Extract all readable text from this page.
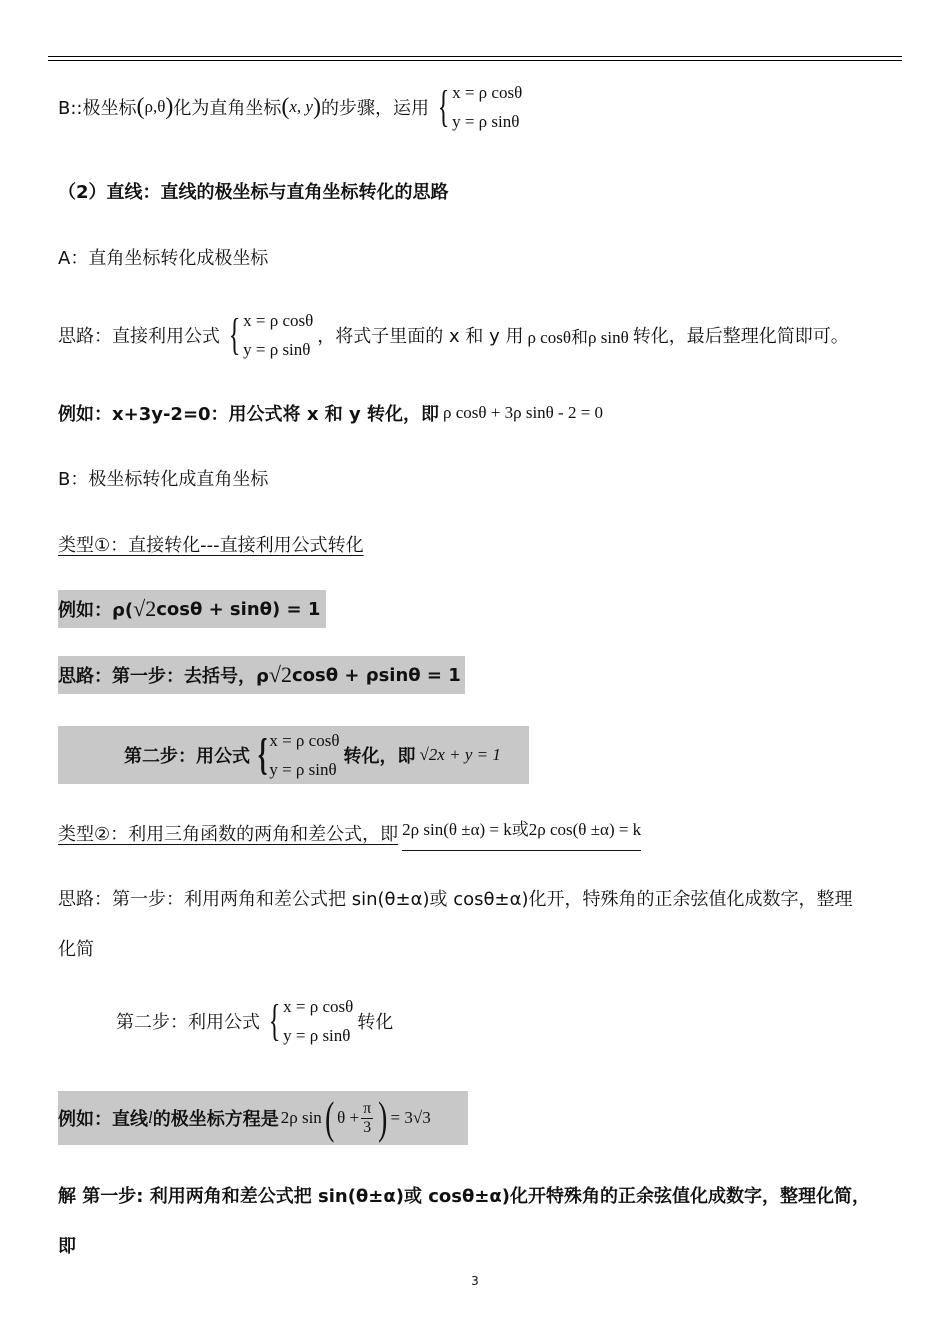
B::极坐标 ( ρ,θ ) 化为直角坐标 ( x, y ) 的步骤，运用 { x = ρ cosθ
y = ρ sinθ
（2）直线：直线的极坐标与直角坐标转化的思路
A：直角坐标转化成极坐标
思路：直接利用公式 { x = ρ cosθ
y = ρ sinθ
，将式子里面的 x 和 y 用 ρ cosθ和ρ sinθ 转化，最后整理化简即可。
例如：x+3y-2=0：用公式将 x 和 y 转化，即 ρ cosθ + 3ρ sinθ - 2 = 0
B：极坐标转化成直角坐标
类型①：直接转化---直接利用公式转化
例如：ρ( √2 cosθ + sinθ) = 1
思路：第一步：去括号，ρ √2 cosθ + ρsinθ = 1
第二步：用公式 { x = ρ cosθ
y = ρ sinθ
转化，即 √2x + y = 1
类型②：利用三角函数的两角和差公式，即 2ρ sin(θ ±α) = k或2ρ cos(θ ±α) = k
思路：第一步：利用两角和差公式把 sin(θ±α)或 cosθ±α)化开，特殊角的正余弦值化成数字，整理
化简
第二步：利用公式 { x = ρ cosθ
y = ρ sinθ
转化
例如：直线 l 的极坐标方程是 2ρ sin ( $\theta + \frac{\pi}{3}$ ) = 3√3
解 第一步: 利用两角和差公式把 sin(θ±α)或 cosθ±α)化开特殊角的正余弦值化成数字，整理化简，
即
3
